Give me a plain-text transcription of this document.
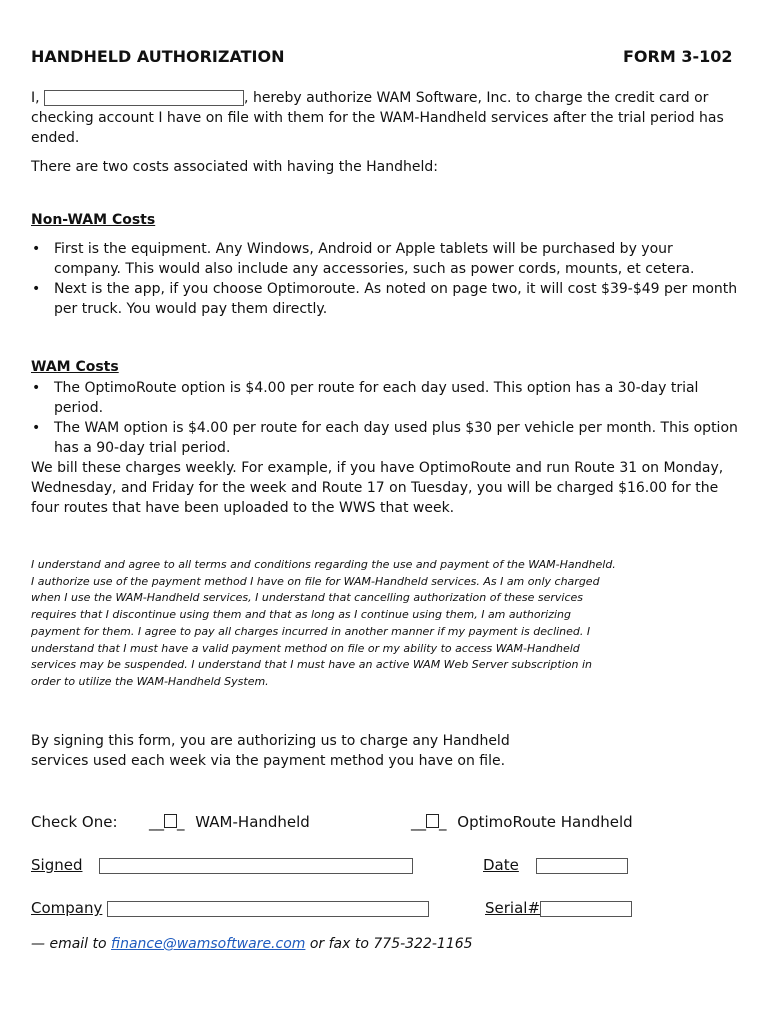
HANDHELD AUTHORIZATION	FORM 3-102
I,	, hereby authorize WAM Software, Inc. to charge the credit card or
checking account I have on file with them for the WAM-Handheld services after the trial period has ended.
There are two costs associated with having the Handheld:
Non-WAM Costs
• First is the equipment. Any Windows, Android or Apple tablets will be purchased by your company. This would also include any accessories, such as power cords, mounts, et cetera.
• Next is the app, if you choose Optimoroute. As noted on page two, it will cost $39-$49 per month per truck. You would pay them directly.
WAM Costs
• The OptimoRoute option is $4.00 per route for each day used. This option has a 30-day trial period.
• The WAM option is $4.00 per route for each day used plus $30 per vehicle per month. This option has a 90-day trial period.
We bill these charges weekly. For example, if you have OptimoRoute and run Route 31 on Monday, Wednesday, and Friday for the week and Route 17 on Tuesday, you will be charged $16.00 for the four routes that have been uploaded to the WWS that week.
I understand and agree to all terms and conditions regarding the use and payment of the WAM-Handheld.
I authorize use of the payment method I have on file for WAM-Handheld services. As I am only charged
when I use the WAM-Handheld services, I understand that cancelling authorization of these services
requires that I discontinue using them and that as long as I continue using them, I am authorizing
payment for them. I agree to pay all charges incurred in another manner if my payment is declined. I
understand that I must have a valid payment method on file or my ability to access WAM-Handheld
services may be suspended. I understand that I must have an active WAM Web Server subscription in
order to utilize the WAM-Handheld System.
By signing this form, you are authorizing us to charge any Handheld
services used each week via the payment method you have on file.
Check One: __ _ WAM-Handheld	__ _ OptimoRoute Handheld
Signed	Date
Company	Serial#
— email to finance@wamsoftware.com or fax to 775-322-1165
